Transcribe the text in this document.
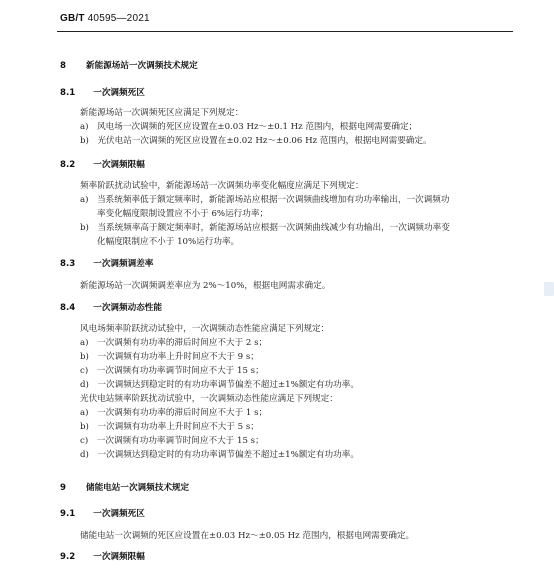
GB/T 40595—2021
8 新能源场站一次调频技术规定
8.1 一次调频死区
新能源场站一次调频死区应满足下列规定：
a)　风电场一次调频的死区应设置在±0.03 Hz～±0.1 Hz 范围内，根据电网需要确定；
b)　光伏电站一次调频的死区应设置在±0.02 Hz～±0.06 Hz 范围内，根据电网需要确定。
8.2 一次调频限幅
频率阶跃扰动试验中，新能源场站一次调频功率变化幅度应满足下列规定：
a)　当系统频率低于额定频率时，新能源场站应根据一次调频曲线增加有功功率输出，一次调频功
率变化幅度限制设置应不小于 6%运行功率；
b)　当系统频率高于额定频率时，新能源场站应根据一次调频曲线减少有功输出，一次调频功率变
化幅度限制应不小于 10%运行功率。
8.3 一次调频调差率
新能源场站一次调频调差率应为 2%～10%，根据电网需求确定。
8.4 一次调频动态性能
风电场频率阶跃扰动试验中，一次调频动态性能应满足下列规定：
a)　一次调频有功功率的滞后时间应不大于 2 s；
b)　一次调频有功功率上升时间应不大于 9 s；
c)　一次调频有功功率调节时间应不大于 15 s；
d)　一次调频达到稳定时的有功功率调节偏差不超过±1%额定有功功率。
光伏电站频率阶跃扰动试验中，一次调频动态性能应满足下列规定：
a)　一次调频有功功率的滞后时间应不大于 1 s；
b)　一次调频有功功率上升时间应不大于 5 s；
c)　一次调频有功功率调节时间应不大于 15 s；
d)　一次调频达到稳定时的有功功率调节偏差不超过±1%额定有功功率。
9 储能电站一次调频技术规定
9.1 一次调频死区
储能电站一次调频的死区应设置在±0.03 Hz～±0.05 Hz 范围内，根据电网需要确定。
9.2 一次调频限幅
